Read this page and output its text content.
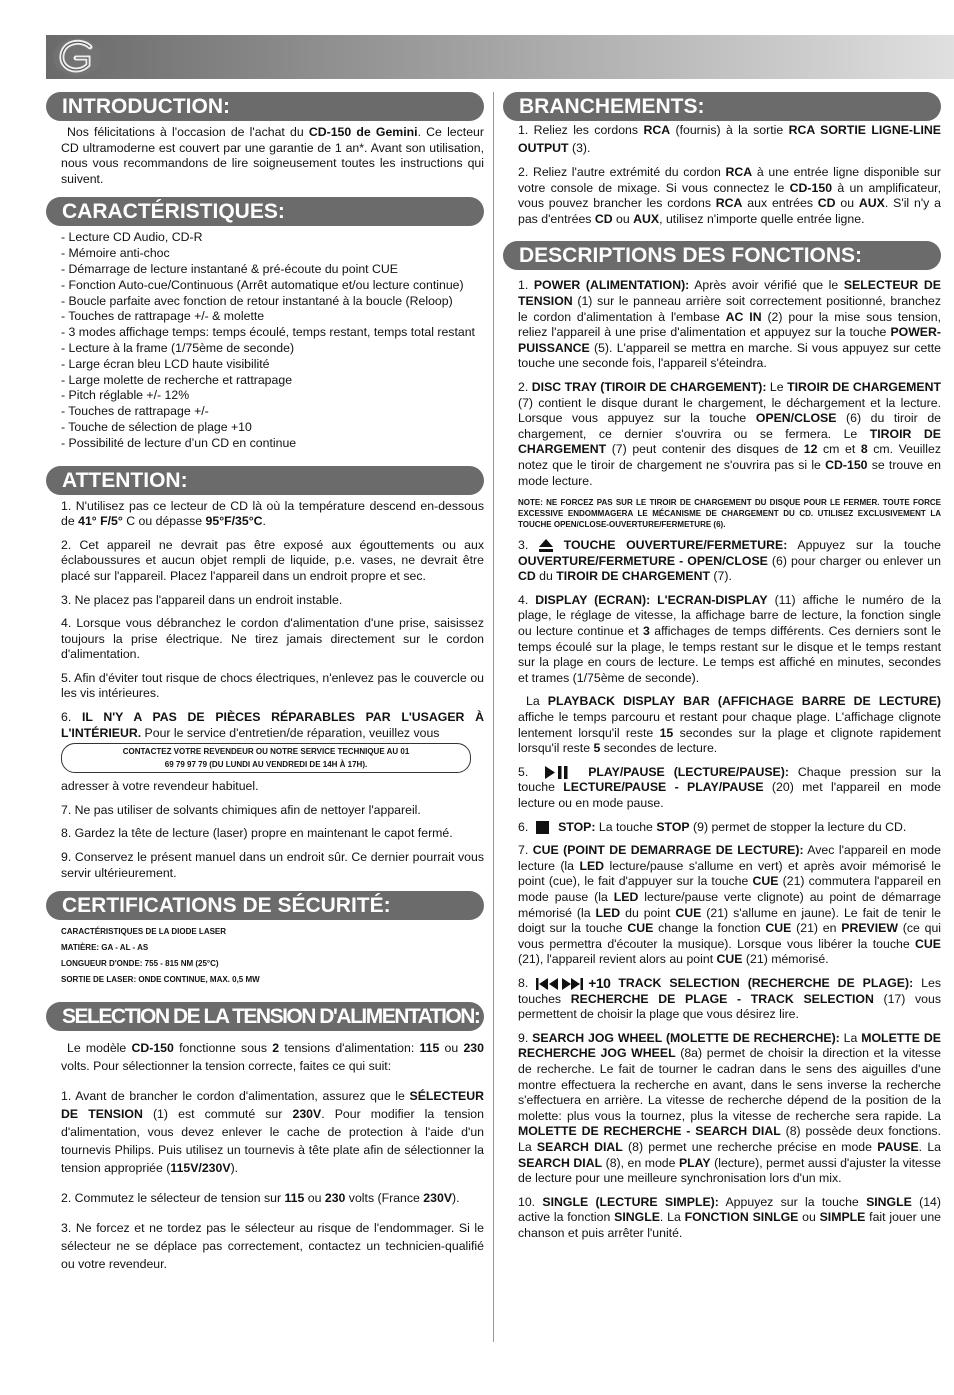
INTRODUCTION:

Nos félicitations à l'occasion de l'achat du CD-150 de Gemini. Ce lecteur CD ultramoderne est couvert par une garantie de 1 an*. Avant son utilisation, nous vous recommandons de lire soigneusement toutes les instructions qui suivent.

CARACTÉRISTIQUES:
- Lecture CD Audio, CD-R
- Mémoire anti-choc
- Démarrage de lecture instantané & pré-écoute du point CUE
- Fonction Auto-cue/Continuous (Arrêt automatique et/ou lecture continue)
- Boucle parfaite avec fonction de retour instantané à la boucle (Reloop)
- Touches de rattrapage +/- & molette
- 3 modes affichage temps: temps écoulé, temps restant, temps total restant
- Lecture à la frame (1/75ème de seconde)
- Large écran bleu LCD haute visibilité
- Large molette de recherche et rattrapage
- Pitch réglable +/- 12%
- Touches de rattrapage +/-
- Touche de sélection de plage +10
- Possibilité de lecture d’un CD en continue
ATTENTION:

1. N'utilisez pas ce lecteur de CD là où la température descend en-dessous de 41° F/5° C ou dépasse 95°F/35°C.

2. Cet appareil ne devrait pas être exposé aux égouttements ou aux éclaboussures et aucun objet rempli de liquide, p.e. vases, ne devrait être placé sur l'appareil. Placez l'appareil dans un endroit propre et sec.

3. Ne placez pas l'appareil dans un endroit instable.

4. Lorsque vous débranchez le cordon d'alimentation d'une prise, saisissez toujours la prise électrique. Ne tirez jamais directement sur le cordon d'alimentation.

5. Afin d'éviter tout risque de chocs électriques, n'enlevez pas le couvercle ou les vis intérieures.

6. IL N'Y A PAS DE PIÈCES RÉPARABLES PAR L'USAGER À L'INTÉRIEUR. Pour le service d'entretien/de réparation, veuillez vous

CONTACTEZ VOTRE REVENDEUR OU NOTRE SERVICE TECHNIQUE AU 01
69 79 97 79 (DU LUNDI AU VENDREDI DE 14H À 17H).

adresser à votre revendeur habituel.

7. Ne pas utiliser de solvants chimiques afin de nettoyer l'appareil.

8. Gardez la tête de lecture (laser) propre en maintenant le capot fermé.

9. Conservez le présent manuel dans un endroit sûr. Ce dernier pourrait vous servir ultérieurement.

CERTIFICATIONS DE SÉCURITÉ:
CARACTÉRISTIQUES DE LA DIODE LASER
MATIÈRE: GA - AL - AS
LONGUEUR D'ONDE: 755 - 815 NM (25°C)
SORTIE DE LASER: ONDE CONTINUE, MAX. 0,5 MW
SELECTION DE LA TENSION D'ALIMENTATION:

Le modèle CD-150 fonctionne sous 2 tensions d'alimentation: 115 ou 230 volts. Pour sélectionner la tension correcte, faites ce qui suit:

1. Avant de brancher le cordon d'alimentation, assurez que le SÉLECTEUR DE TENSION (1) est commuté sur 230V. Pour modifier la tension d'alimentation, vous devez enlever le cache de protection à l'aide d'un tournevis Philips. Puis utilisez un tournevis à tête plate afin de sélectionner la tension appropriée (115V/230V).

2. Commutez le sélecteur de tension sur 115 ou 230 volts (France 230V).

3. Ne forcez et ne tordez pas le sélecteur au risque de l'endommager. Si le sélecteur ne se déplace pas correctement, contactez un technicien-qualifié ou votre revendeur.

BRANCHEMENTS:

1. Reliez les cordons RCA (fournis) à la sortie RCA SORTIE LIGNE-LINE OUTPUT (3).

2. Reliez l'autre extrémité du cordon RCA à une entrée ligne disponible sur votre console de mixage. Si vous connectez le CD-150 à un amplificateur, vous pouvez brancher les cordons RCA aux entrées CD ou AUX. S'il n'y a pas d'entrées CD ou AUX, utilisez n'importe quelle entrée ligne.

DESCRIPTIONS DES FONCTIONS:

1. POWER (ALIMENTATION): Après avoir vérifié que le SELECTEUR DE TENSION (1) sur le panneau arrière soit correctement positionné, branchez le cordon d'alimentation à l'embase AC IN (2) pour la mise sous tension, reliez l'appareil à une prise d'alimentation et appuyez sur la touche POWER-PUISSANCE (5). L'appareil se mettra en marche. Si vous appuyez sur cette touche une seconde fois, l'appareil s'éteindra.

2. DISC TRAY (TIROIR DE CHARGEMENT): Le TIROIR DE CHARGEMENT (7) contient le disque durant le chargement, le déchargement et la lecture. Lorsque vous appuyez sur la touche OPEN/CLOSE (6) du tiroir de chargement, ce dernier s'ouvrira ou se fermera. Le TIROIR DE CHARGEMENT (7) peut contenir des disques de 12 cm et 8 cm. Veuillez notez que le tiroir de chargement ne s'ouvrira pas si le CD-150 se trouve en mode lecture.

NOTE: NE FORCEZ PAS SUR LE TIROIR DE CHARGEMENT DU DISQUE POUR LE FERMER. TOUTE FORCE EXCESSIVE ENDOMMAGERA LE MÉCANISME DE CHARGEMENT DU CD. UTILISEZ EXCLUSIVEMENT LA TOUCHE OPEN/CLOSE-OUVERTURE/FERMETURE (6).

3.  TOUCHE OUVERTURE/FERMETURE: Appuyez sur la touche OUVERTURE/FERMETURE - OPEN/CLOSE (6) pour charger ou enlever un CD du TIROIR DE CHARGEMENT (7).

4. DISPLAY (ECRAN): L'ECRAN-DISPLAY (11) affiche le numéro de la plage, le réglage de vitesse, la affichage barre de lecture, la fonction single ou lecture continue et 3 affichages de temps différents. Ces derniers sont le temps écoulé sur la plage, le temps restant sur le disque et le temps restant sur la plage en cours de lecture. Le temps est affiché en minutes, secondes et trames (1/75ème de seconde).

La PLAYBACK DISPLAY BAR (AFFICHAGE BARRE DE LECTURE) affiche le temps parcouru et restant pour chaque plage. L'affichage clignote lentement lorsqu'il reste 15 secondes sur la plage et clignote rapidement lorsqu'il reste 5 secondes de lecture.

5.	PLAY/PAUSE (LECTURE/PAUSE): Chaque pression sur la touche LECTURE/PAUSE - PLAY/PAUSE (20) met l'appareil en mode lecture ou en mode pause.

6.  STOP: La touche STOP (9) permet de stopper la lecture du CD.

7. CUE (POINT DE DEMARRAGE DE LECTURE): Avec l'appareil en mode lecture (la LED lecture/pause s'allume en vert) et après avoir mémorisé le point (cue), le fait d'appuyer sur la touche CUE (21) commutera l'appareil en mode pause (la LED lecture/pause verte clignote) au point de démarrage mémorisé (la LED du point CUE (21) s'allume en jaune). Le fait de tenir le doigt sur la touche CUE change la fonction CUE (21) en PREVIEW (ce qui vous permettra d'écouter la musique). Lorsque vous libérer la touche CUE (21), l'appareil revient alors au point CUE (21) mémorisé.

8.	+10 TRACK SELECTION (RECHERCHE DE PLAGE): Les touches RECHERCHE DE PLAGE - TRACK SELECTION (17) vous permettent de choisir la plage que vous désirez lire.

9. SEARCH JOG WHEEL (MOLETTE DE RECHERCHE): La MOLETTE DE RECHERCHE JOG WHEEL (8a) permet de choisir la direction et la vitesse de recherche. Le fait de tourner le cadran dans le sens des aiguilles d'une montre effectuera la recherche en avant, dans le sens inverse la recherche s'effectuera en arrière. La vitesse de recherche dépend de la position de la molette: plus vous la tournez, plus la vitesse de recherche sera rapide. La MOLETTE DE RECHERCHE - SEARCH DIAL (8) possède deux fonctions. La SEARCH DIAL (8) permet une recherche précise en mode PAUSE. La SEARCH DIAL (8), en mode PLAY (lecture), permet aussi d'ajuster la vitesse de lecture pour une meilleure synchronisation lors d'un mix.

10. SINGLE (LECTURE SIMPLE): Appuyez sur la touche SINGLE (14) active la fonction SINGLE. La FONCTION SINLGE ou SIMPLE fait jouer une chanson et puis arrêter l'unité.
